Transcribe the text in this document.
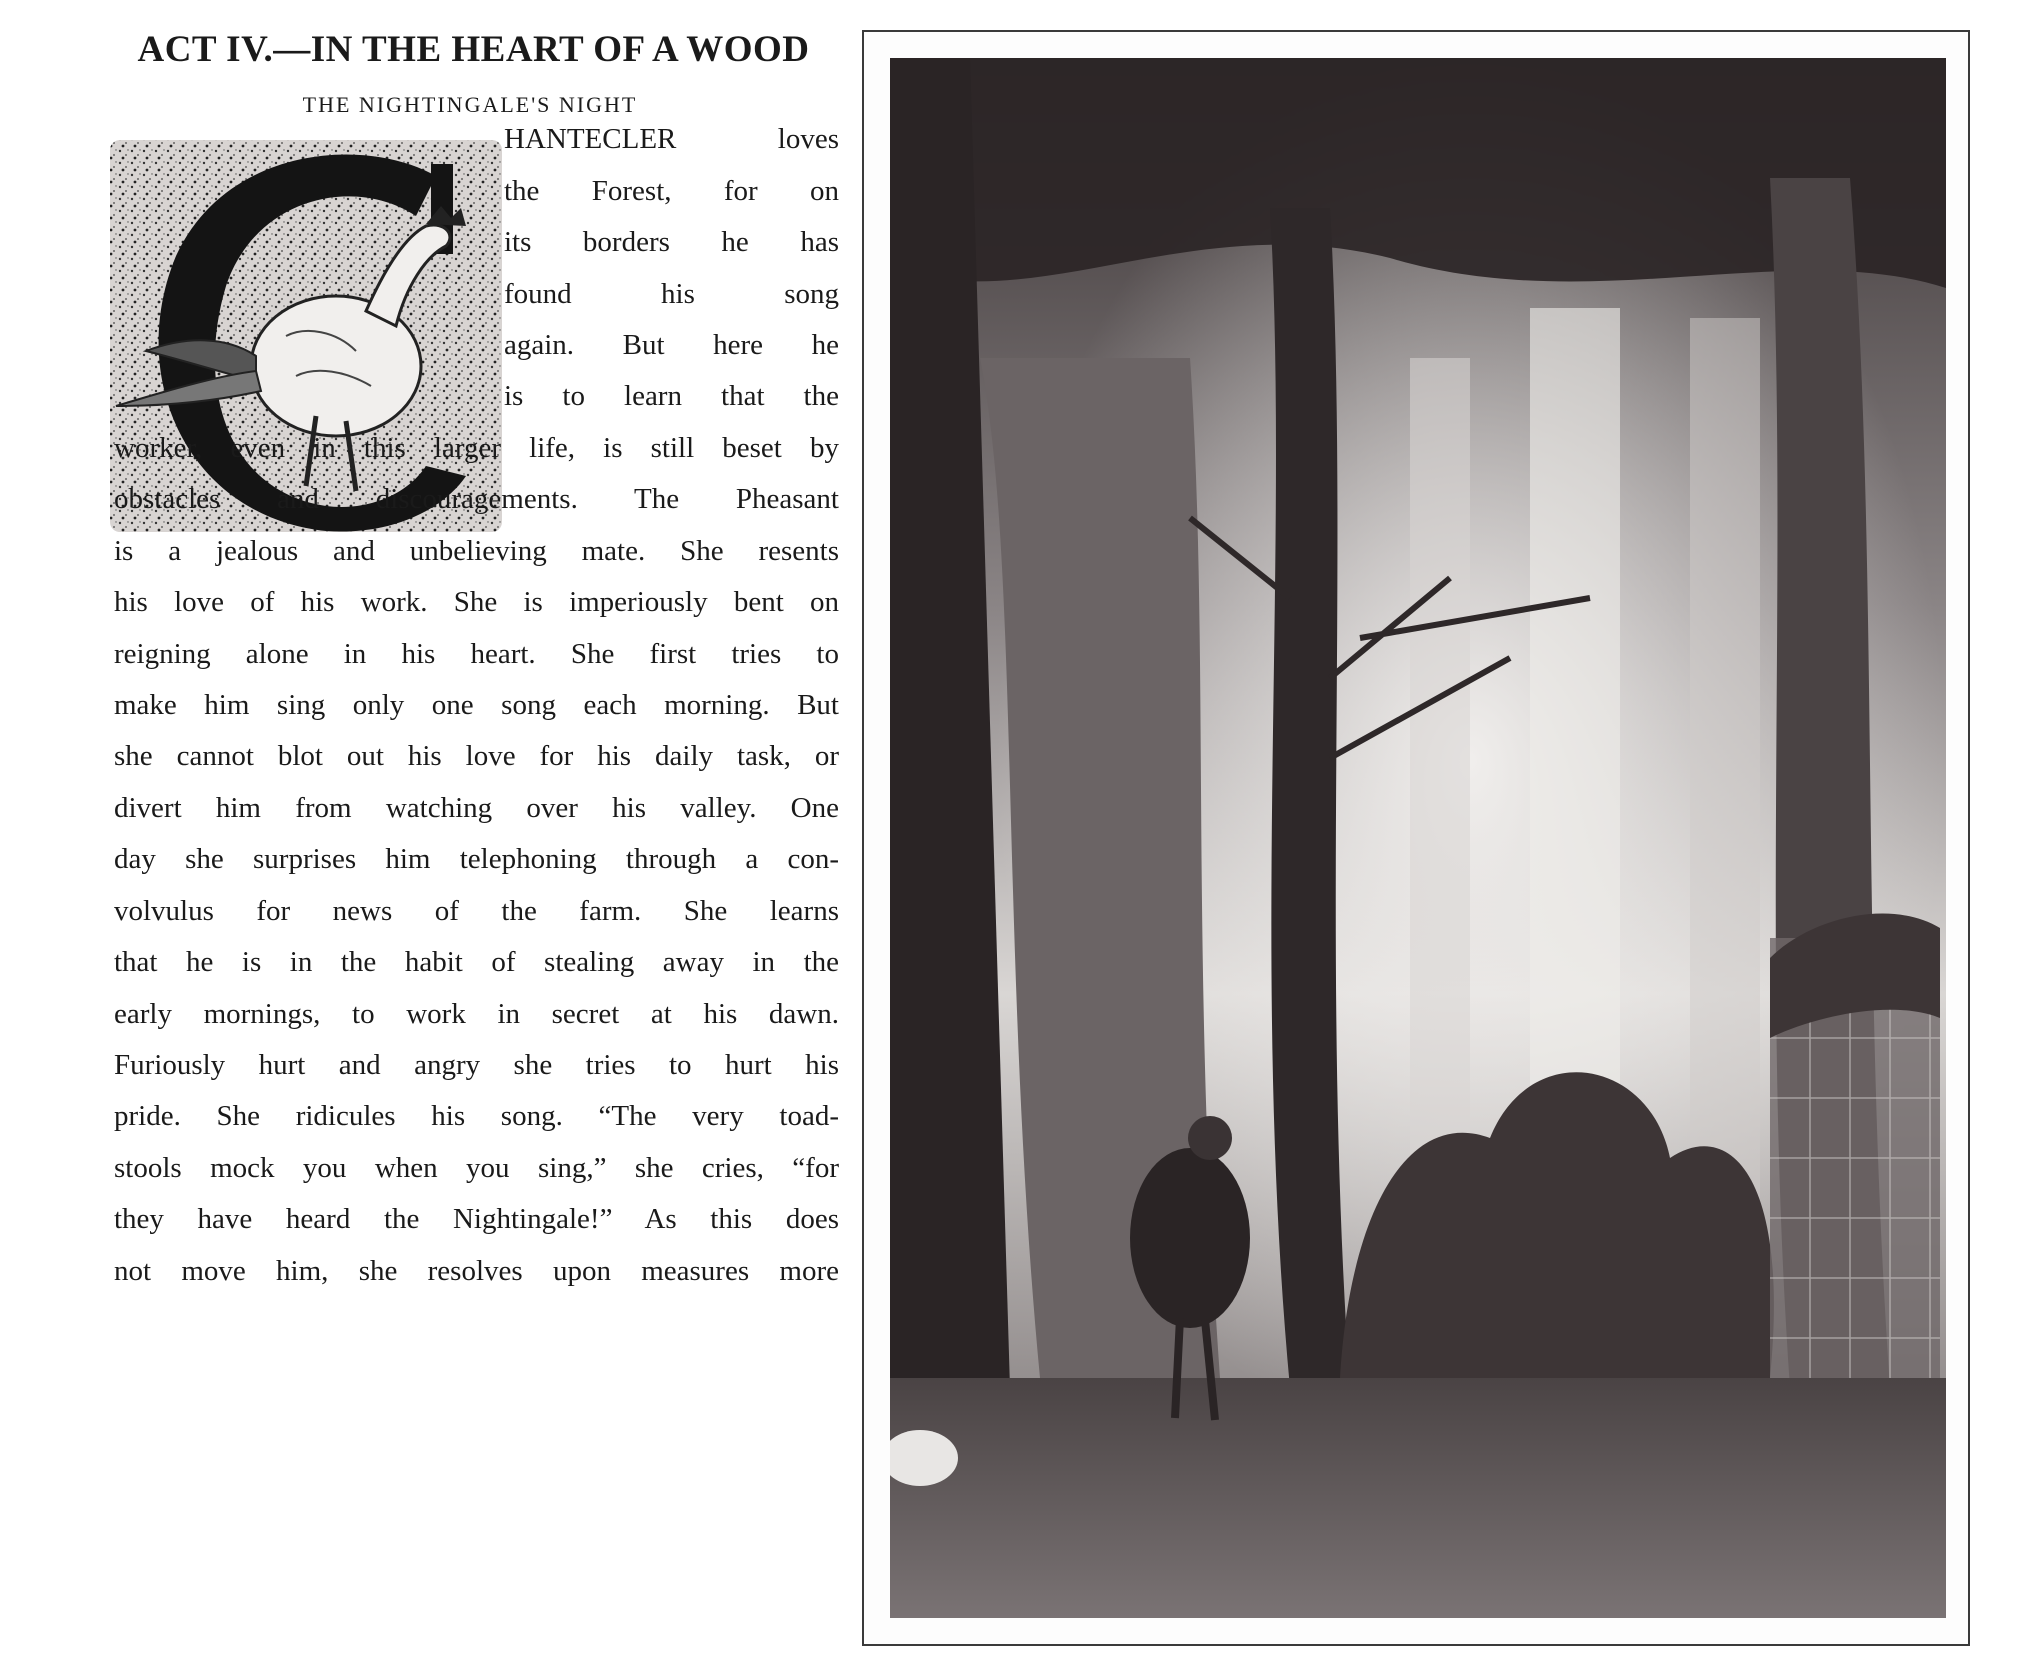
ACT IV.—IN THE HEART OF A WOOD
THE NIGHTINGALE'S NIGHT
HANTECLER loves
the Forest, for on
its borders he has
found his song
again. But here he
is to learn that the
worker, even in this larger life, is still beset by
obstacles and discouragements. The Pheasant
is a jealous and unbelieving mate. She resents
his love of his work. She is imperiously bent on
reigning alone in his heart. She first tries to
make him sing only one song each morning. But
she cannot blot out his love for his daily task, or
divert him from watching over his valley. One
day she surprises him telephoning through a con-
volvulus for news of the farm. She learns
that he is in the habit of stealing away in the
early mornings, to work in secret at his dawn.
Furiously hurt and angry she tries to hurt his
pride. She ridicules his song. “The very toad-
stools mock you when you sing,” she cries, “for
they have heard the Nightingale!” As this does
not move him, she resolves upon measures more
